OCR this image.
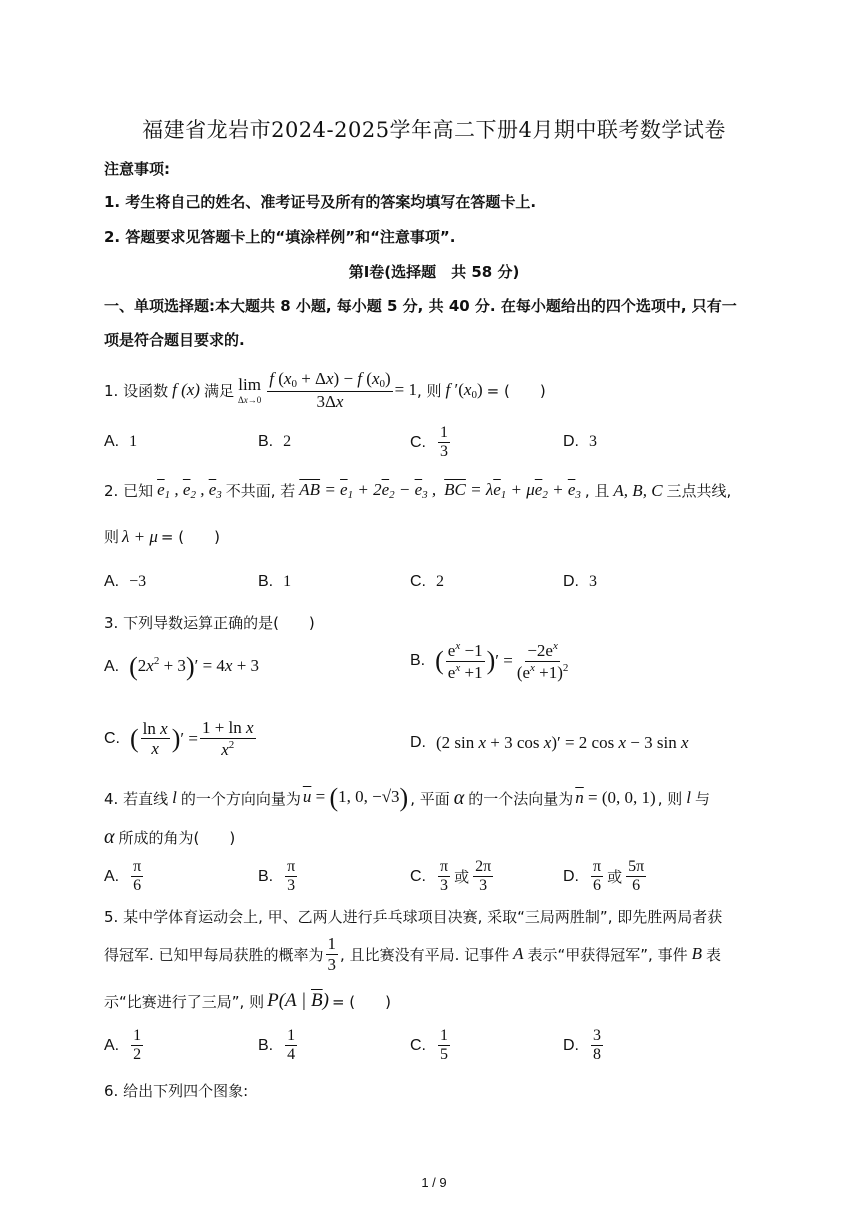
福建省龙岩市2024-2025学年高二下册4月期中联考数学试卷
注意事项:
1. 考生将自己的姓名、准考证号及所有的答案均填写在答题卡上.
2. 答题要求见答题卡上的“填涂样例”和“注意事项”.
第Ⅰ卷(选择题　共 58 分)
一、单项选择题:本大题共 8 小题, 每小题 5 分, 共 40 分. 在每小题给出的四个选项中, 只有一
项是符合题目要求的.
1. 设函数 f (x) 满足 lim
$\Delta x\to 0 \frac{f (x_0 + \Delta x) - f (x_0)}{3\Delta x} = 1$ , 则 f $'(x_0)$ = (　　)
A. 1	B. 2	C. $\frac{1}{3}$	D. 3
2. 已知 $\overline{e}_1$ , $\overline{e}_2$ , $\overline{e}_3$ 不共面, 若 $\overline{AB} = \overline{e}_1 + 2\overline{e}_2 - \overline{e}_3$ , $\overline{BC} = \lambda\overline{e}_1 + \mu\overline{e}_2 + \overline{e}_3$ , 且 A, B, C 三点共线,
则 λ + μ = (　　)
A. −3	B. 1	C. 2	D. 3
3. 下列导数运算正确的是(　　)
A. $(2x^2 + 3)' = 4x + 3$	B. ( $\frac{e^x -1}{e^x +1}$ ) ′ = $\frac{-2e^x}{(e^x +1)^2}$
C. ( $\frac{\text{ln x}}{x}$ ) ′ = $\frac{\text{1 + ln x}}{x^2}$	D. (2 sin x + 3 cos x)′ = 2 cos x − 3 sin x
4. 若直线 l 的一个方向向量为 $\overline{u} = (1$, 0, −√3) , 平面 α 的一个法向量为 $\overline{n} = (0$, 0, 1) , 则 l 与
α 所成的角为(　　)
A. $\frac{\pi}{6}$	B. $\frac{\pi}{3}$	C. $\frac{\pi}{3}$ 或 $\frac{2\pi}{3}$	D. $\frac{\pi}{6}$ 或 $\frac{5\pi}{6}$
5. 某中学体育运动会上, 甲、乙两人进行乒乓球项目决赛, 采取“三局两胜制”, 即先胜两局者获
得冠军. 已知甲每局获胜的概率为 $\frac{1}{3}$ , 且比赛没有平局. 记事件 A 表示“甲获得冠军”, 事件 B 表
示“比赛进行了三局”, 则 P(A | $\overline{B}$) = (　　)
A. $\frac{1}{2}$	B. $\frac{1}{4}$	C. $\frac{1}{5}$	D. $\frac{3}{8}$
6. 给出下列四个图象:
1 / 9
